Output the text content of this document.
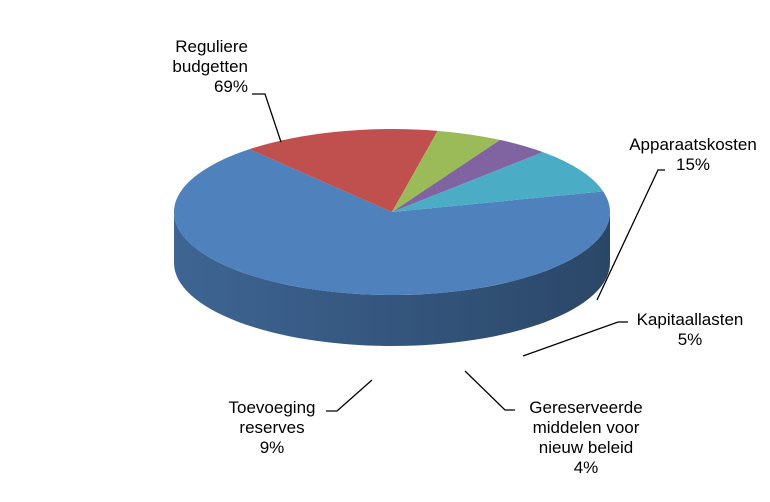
Reguliere
budgetten
69%
Apparaatskosten
15%
Kapitaallasten
5%
Gereserveerde
middelen voor
nieuw beleid
4%
Toevoeging
reserves
9%
